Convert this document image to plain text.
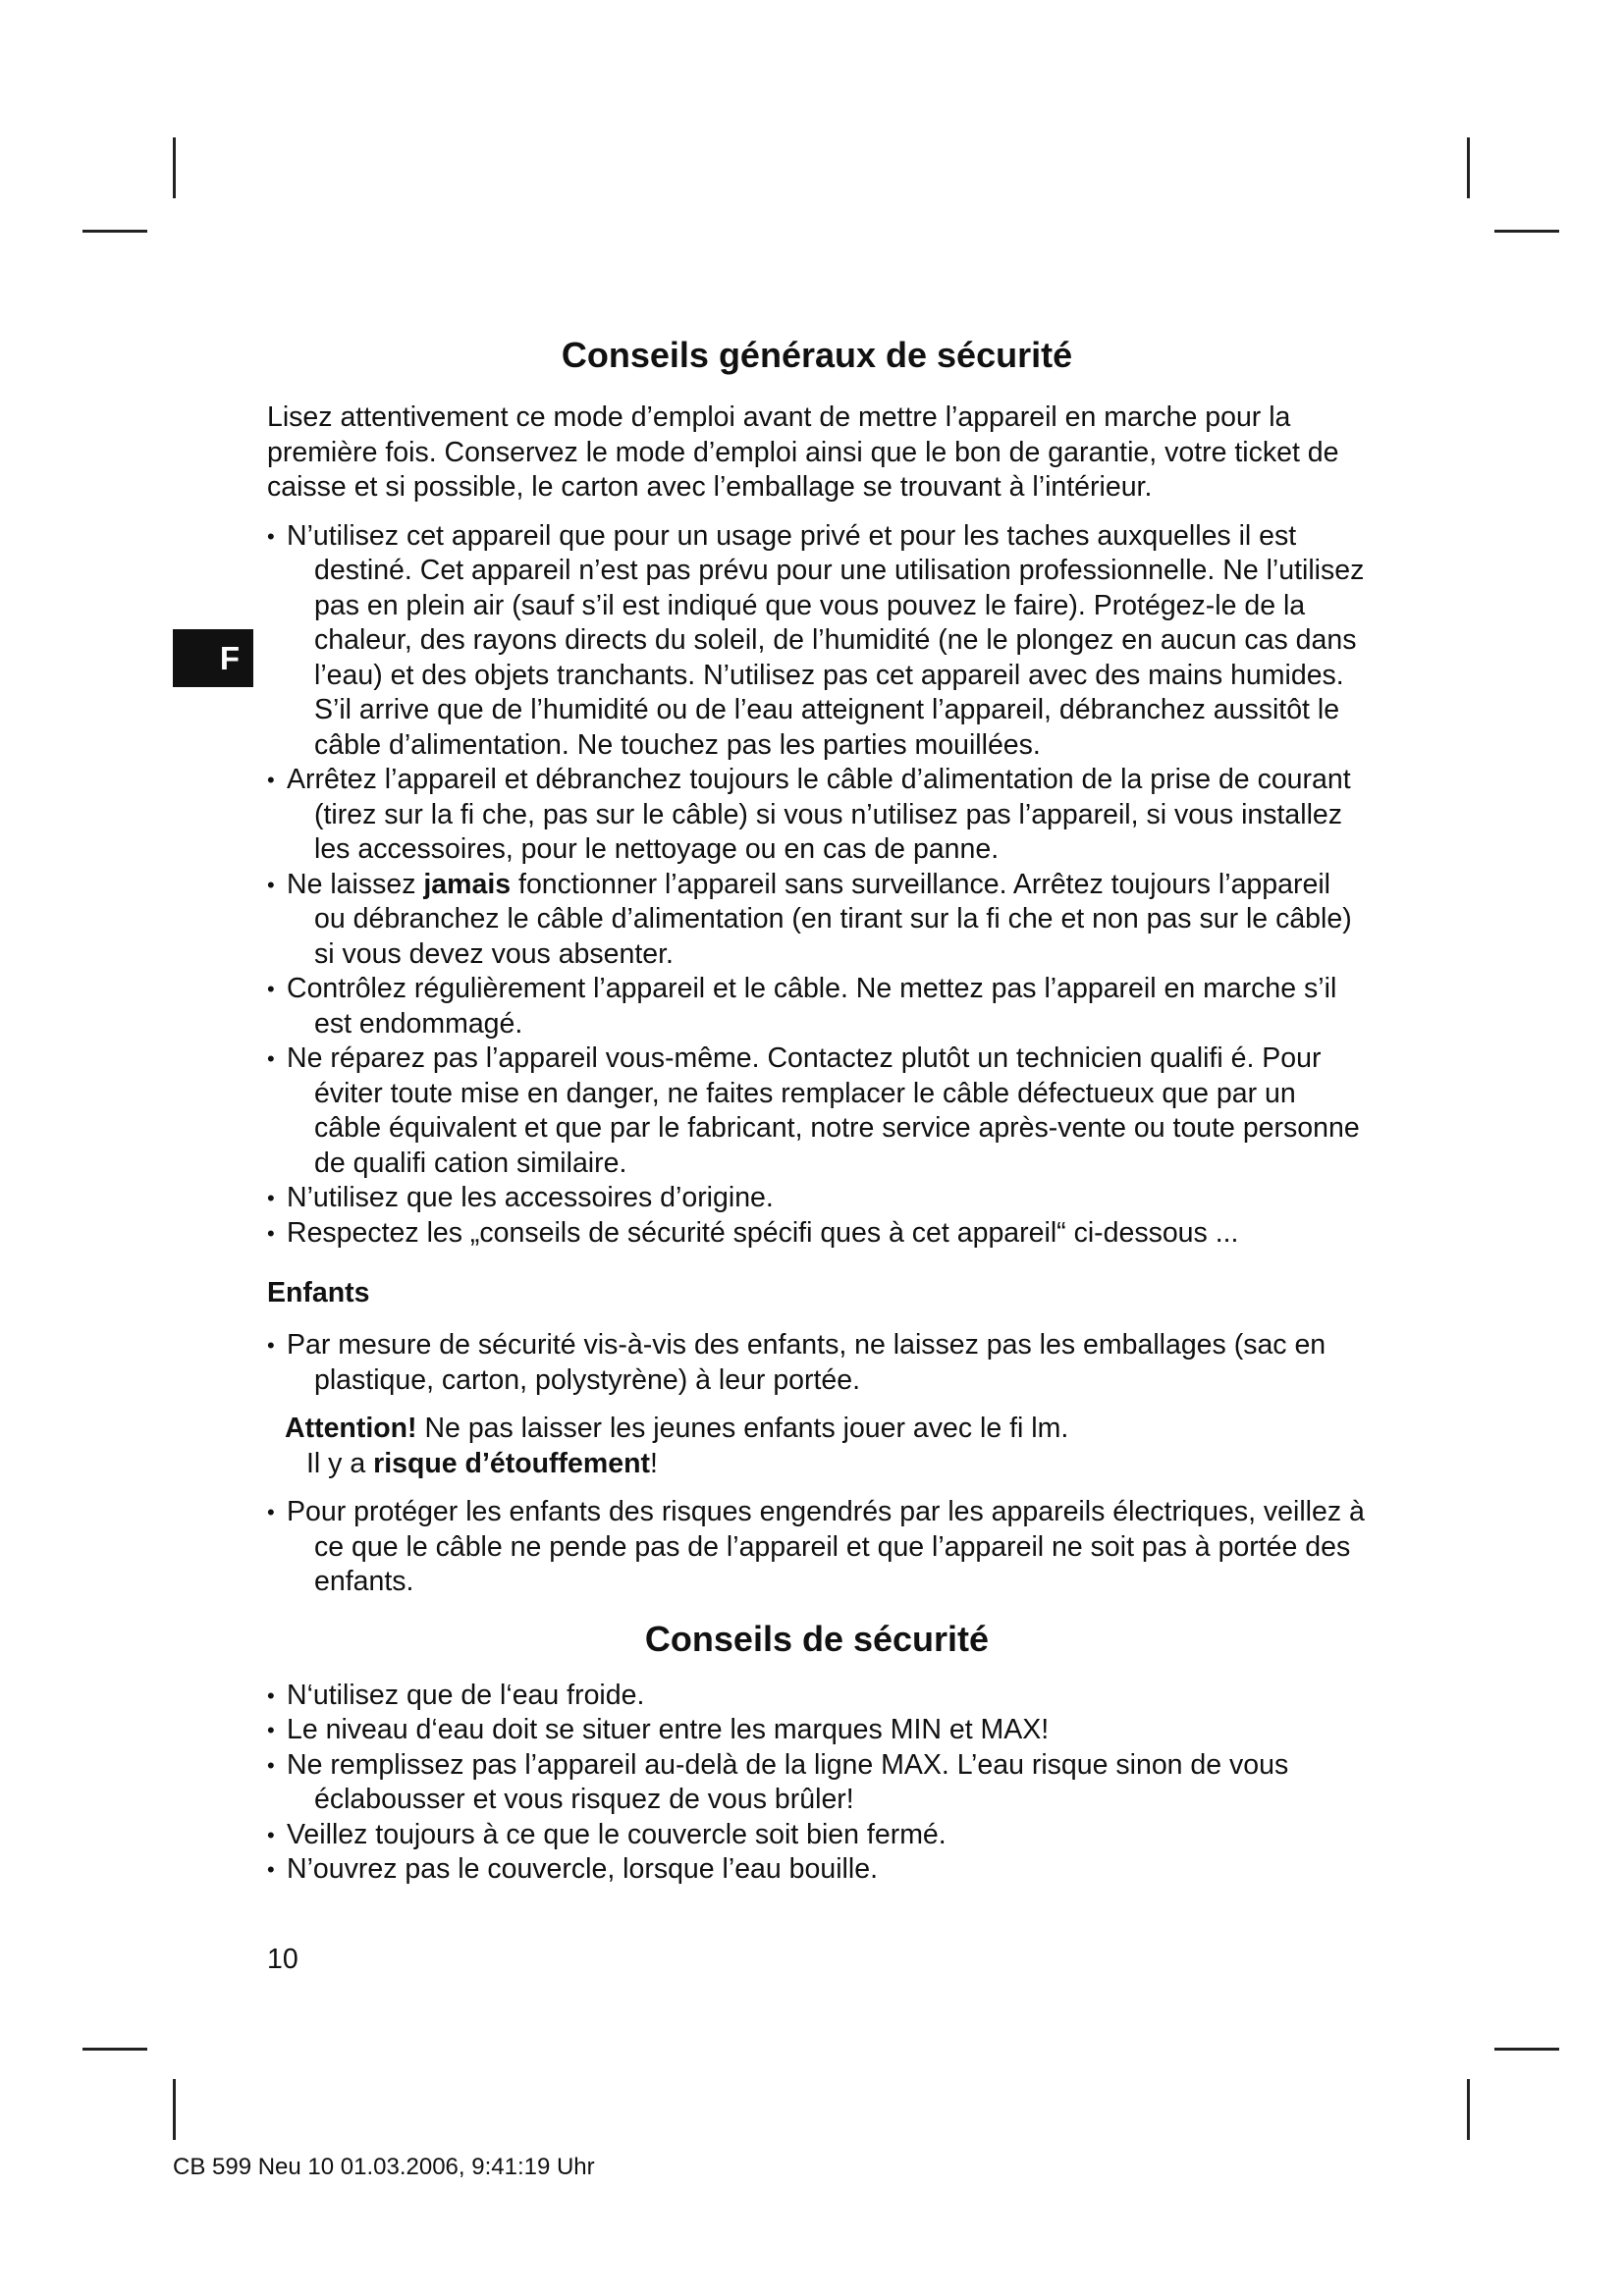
F
Conseils généraux de sécurité

Lisez attentivement ce mode d’emploi avant de mettre l’appareil en marche pour la première fois. Conservez le mode d’emploi ainsi que le bon de garantie, votre ticket de caisse et si possible, le carton avec l’emballage se trouvant à l’intérieur.

• N’utilisez cet appareil que pour un usage privé et pour les taches auxquelles il est destiné. Cet appareil n’est pas prévu pour une utilisation professionnelle. Ne l’utilisez pas en plein air (sauf s’il est indiqué que vous pouvez le faire). Protégez-le de la chaleur, des rayons directs du soleil, de l’humidité (ne le plongez en aucun cas dans l’eau) et des objets tranchants. N’utilisez pas cet appareil avec des mains humides. S’il arrive que de l’humidité ou de l’eau atteignent l’appareil, débranchez aussitôt le câble d’alimentation. Ne touchez pas les parties mouillées.
• Arrêtez l’appareil et débranchez toujours le câble d’alimentation de la prise de courant (tirez sur la fi che, pas sur le câble) si vous n’utilisez pas l’appareil, si vous installez les accessoires, pour le nettoyage ou en cas de panne.
• Ne laissez jamais fonctionner l’appareil sans surveillance. Arrêtez toujours l’appareil ou débranchez le câble d’alimentation (en tirant sur la fi che et non pas sur le câble) si vous devez vous absenter.
• Contrôlez régulièrement l’appareil et le câble. Ne mettez pas l’appareil en marche s’il est endommagé.
• Ne réparez pas l’appareil vous-même. Contactez plutôt un technicien qualifi é. Pour éviter toute mise en danger, ne faites remplacer le câble défectueux que par un câble équivalent et que par le fabricant, notre service après-vente ou toute personne de qualifi cation similaire.
• N’utilisez que les accessoires d’origine.
• Respectez les „conseils de sécurité spécifi ques à cet appareil“ ci-dessous ...
Enfants
• Par mesure de sécurité vis-à-vis des enfants, ne laissez pas les emballages (sac en plastique, carton, polystyrène) à leur portée.
Attention! Ne pas laisser les jeunes enfants jouer avec le fi lm.
Il y a risque d’étouffement!
• Pour protéger les enfants des risques engendrés par les appareils électriques, veillez à ce que le câble ne pende pas de l’appareil et que l’appareil ne soit pas à portée des enfants.
Conseils de sécurité
• N‘utilisez que de l‘eau froide.
• Le niveau d‘eau doit se situer entre les marques MIN et MAX!
• Ne remplissez pas l’appareil au-delà de la ligne MAX. L’eau risque sinon de vous éclabousser et vous risquez de vous brûler!
• Veillez toujours à ce que le couvercle soit bien fermé.
• N’ouvrez pas le couvercle, lorsque l’eau bouille.
10
CB 599 Neu 10 01.03.2006, 9:41:19 Uhr
